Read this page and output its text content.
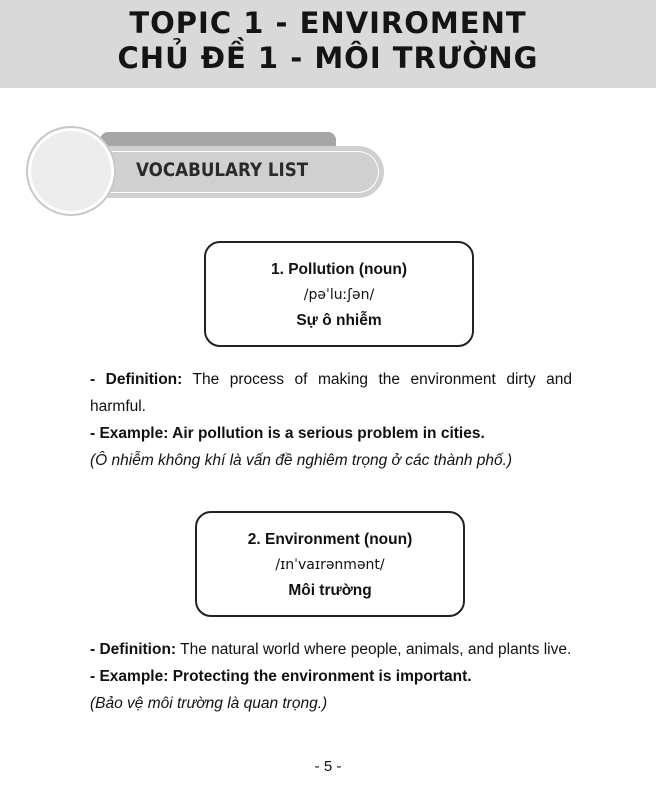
TOPIC 1 - ENVIROMENT
CHỦ ĐỀ 1 - MÔI TRƯỜNG
VOCABULARY LIST
1. Pollution (noun)
/pəˈluːʃən/
Sự ô nhiễm
- Definition: The process of making the environment dirty and harmful.
- Example: Air pollution is a serious problem in cities.
(Ô nhiễm không khí là vấn đề nghiêm trọng ở các thành phố.)
2. Environment (noun)
/ɪnˈvaɪrənmənt/
Môi trường
- Definition: The natural world where people, animals, and plants live.
- Example: Protecting the environment is important.
(Bảo vệ môi trường là quan trọng.)
- 5 -
